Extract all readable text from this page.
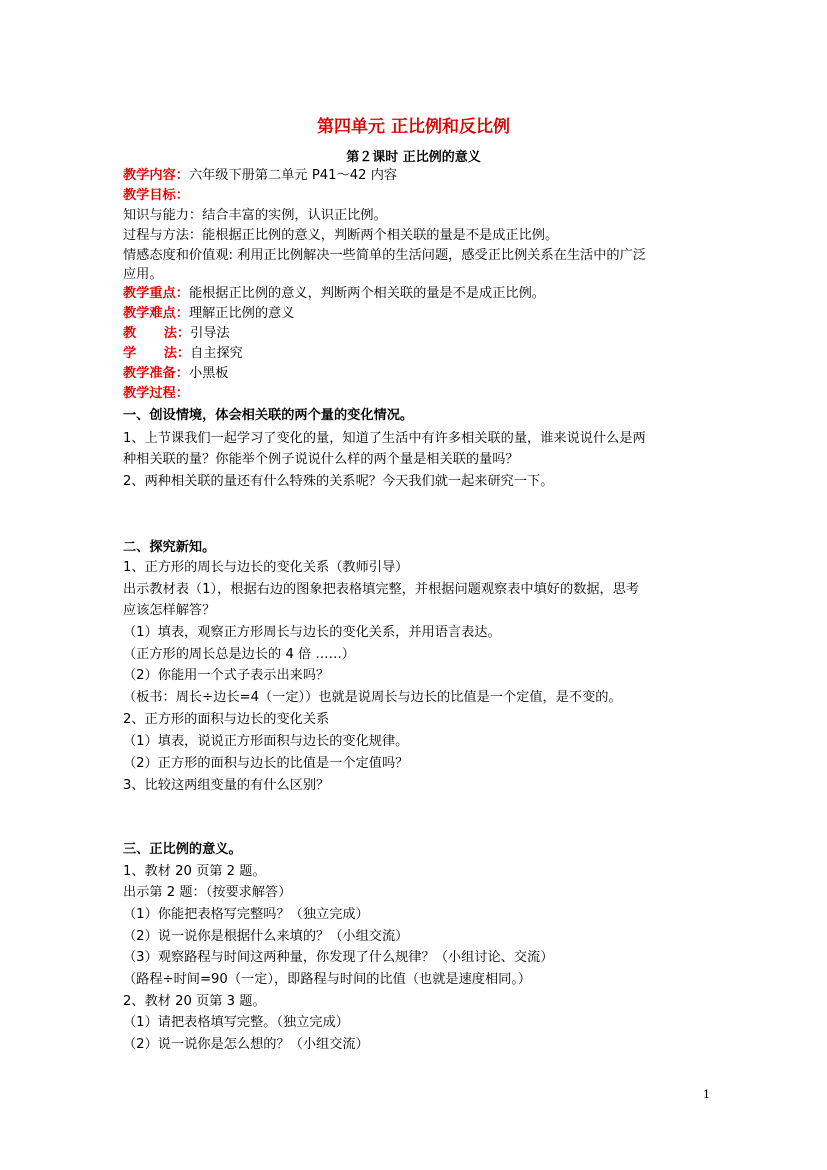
第四单元 正比例和反比例
第２课时 正比例的意义
教学内容：六年级下册第二单元 P41～42 内容
教学目标：
知识与能力：结合丰富的实例，认识正比例。
过程与方法：能根据正比例的意义，判断两个相关联的量是不是成正比例。
情感态度和价值观: 利用正比例解决一些简单的生活问题，感受正比例关系在生活中的广泛
应用。
教学重点：能根据正比例的意义，判断两个相关联的量是不是成正比例。
教学难点：理解正比例的意义
教      法：引导法
学      法：自主探究
教学准备：小黑板
教学过程：
一、创设情境，体会相关联的两个量的变化情况。
1、上节课我们一起学习了变化的量，知道了生活中有许多相关联的量，谁来说说什么是两
种相关联的量？你能举个例子说说什么样的两个量是相关联的量吗？
2、两种相关联的量还有什么特殊的关系呢？今天我们就一起来研究一下。
二、探究新知。
1、正方形的周长与边长的变化关系（教师引导）
出示教材表（1），根据右边的图象把表格填完整，并根据问题观察表中填好的数据，思考
应该怎样解答？
（1）填表，观察正方形周长与边长的变化关系，并用语言表达。
（正方形的周长总是边长的 4 倍 ……）
（2）你能用一个式子表示出来吗？
（板书：周长÷边长=4（一定））也就是说周长与边长的比值是一个定值，是不变的。
2、正方形的面积与边长的变化关系
（1）填表，说说正方形面积与边长的变化规律。
（2）正方形的面积与边长的比值是一个定值吗？
3、比较这两组变量的有什么区别？
三、正比例的意义。
1、教材 20 页第 2 题。
出示第 2 题：（按要求解答）
（1）你能把表格写完整吗？（独立完成）
（2）说一说你是根据什么来填的？（小组交流）
（3）观察路程与时间这两种量，你发现了什么规律？（小组讨论、交流）
（路程÷时间=90（一定），即路程与时间的比值（也就是速度相同。）
2、教材 20 页第 3 题。
（1）请把表格填写完整。（独立完成）
（2）说一说你是怎么想的？（小组交流）
1
